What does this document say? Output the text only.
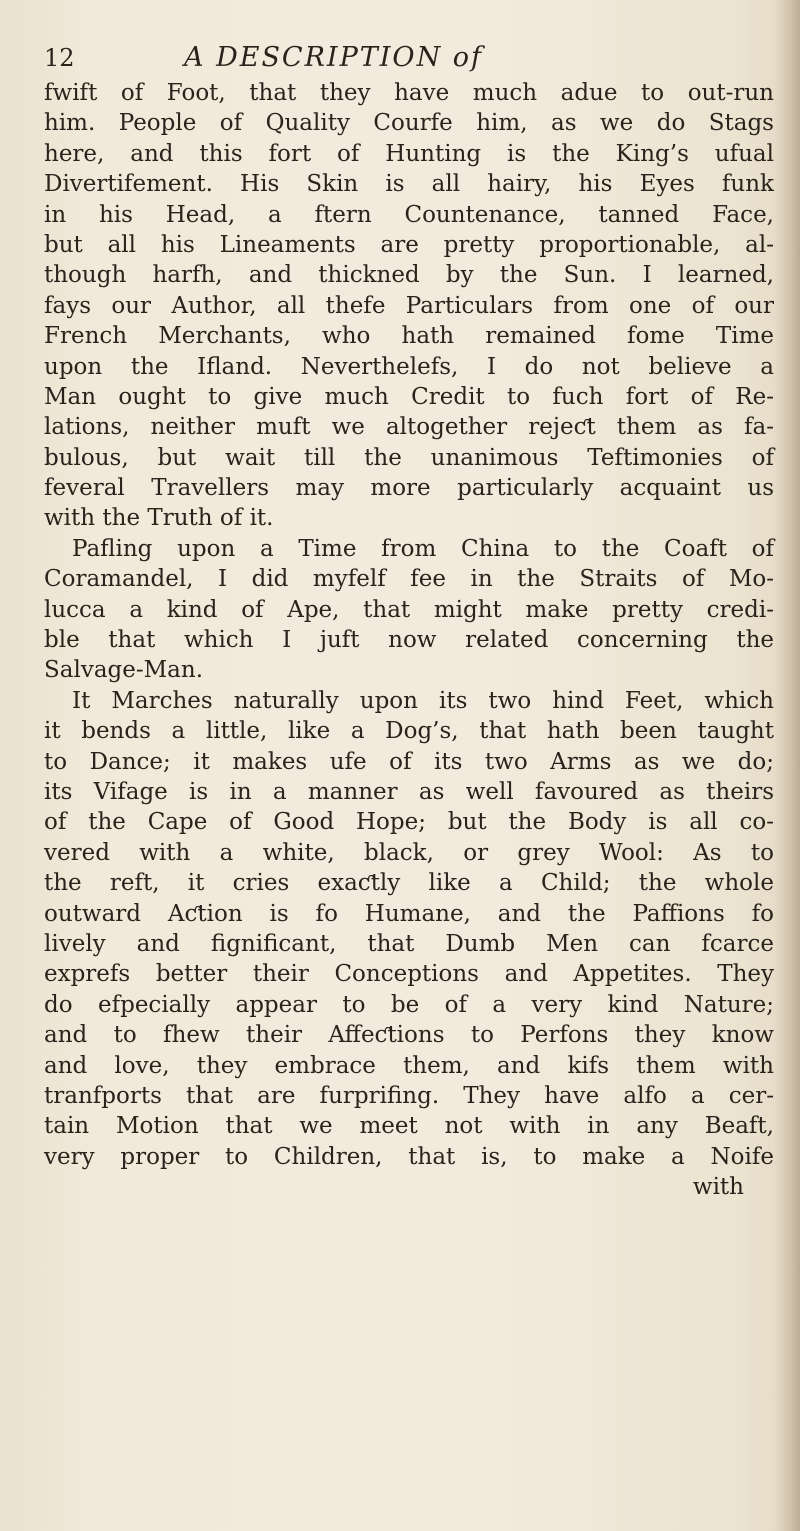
12	A DESCRIPTION of
fwift of Foot, that they have much adue to out-run
him. People of Quality Courfe him, as we do Stags
here, and this fort of Hunting is the King’s ufual
Divertifement. His Skin is all hairy, his Eyes funk
in his Head, a ftern Countenance, tanned Face,
but all his Lineaments are pretty proportionable, al-
though harfh, and thickned by the Sun. I learned,
fays our Author, all thefe Particulars from one of our
French Merchants, who hath remained fome Time
upon the Ifland. Neverthelefs, I do not believe a
Man ought to give much Credit to fuch fort of Re-
lations, neither muft we altogether rejeƈt them as fa-
bulous, but wait till the unanimous Teftimonies of
feveral Travellers may more particularly acquaint us
with the Truth of it.
Pafling upon a Time from China to the Coaft of
Coramandel, I did myfelf fee in the Straits of Mo-
lucca a kind of Ape, that might make pretty credi-
ble that which I juft now related concerning the
Salvage-Man.
It Marches naturally upon its two hind Feet, which
it bends a little, like a Dog’s, that hath been taught
to Dance; it makes ufe of its two Arms as we do;
its Vifage is in a manner as well favoured as theirs
of the Cape of Good Hope; but the Body is all co-
vered with a white, black, or grey Wool: As to
the reft, it cries exaƈtly like a Child; the whole
outward Aƈtion is fo Humane, and the Paffions fo
lively and fignificant, that Dumb Men can fcarce
exprefs better their Conceptions and Appetites. They
do efpecially appear to be of a very kind Nature;
and to fhew their Affeƈtions to Perfons they know
and love, they embrace them, and kifs them with
tranfports that are furprifing. They have alfo a cer-
tain Motion that we meet not with in any Beaft,
very proper to Children, that is, to make a Noife
with
